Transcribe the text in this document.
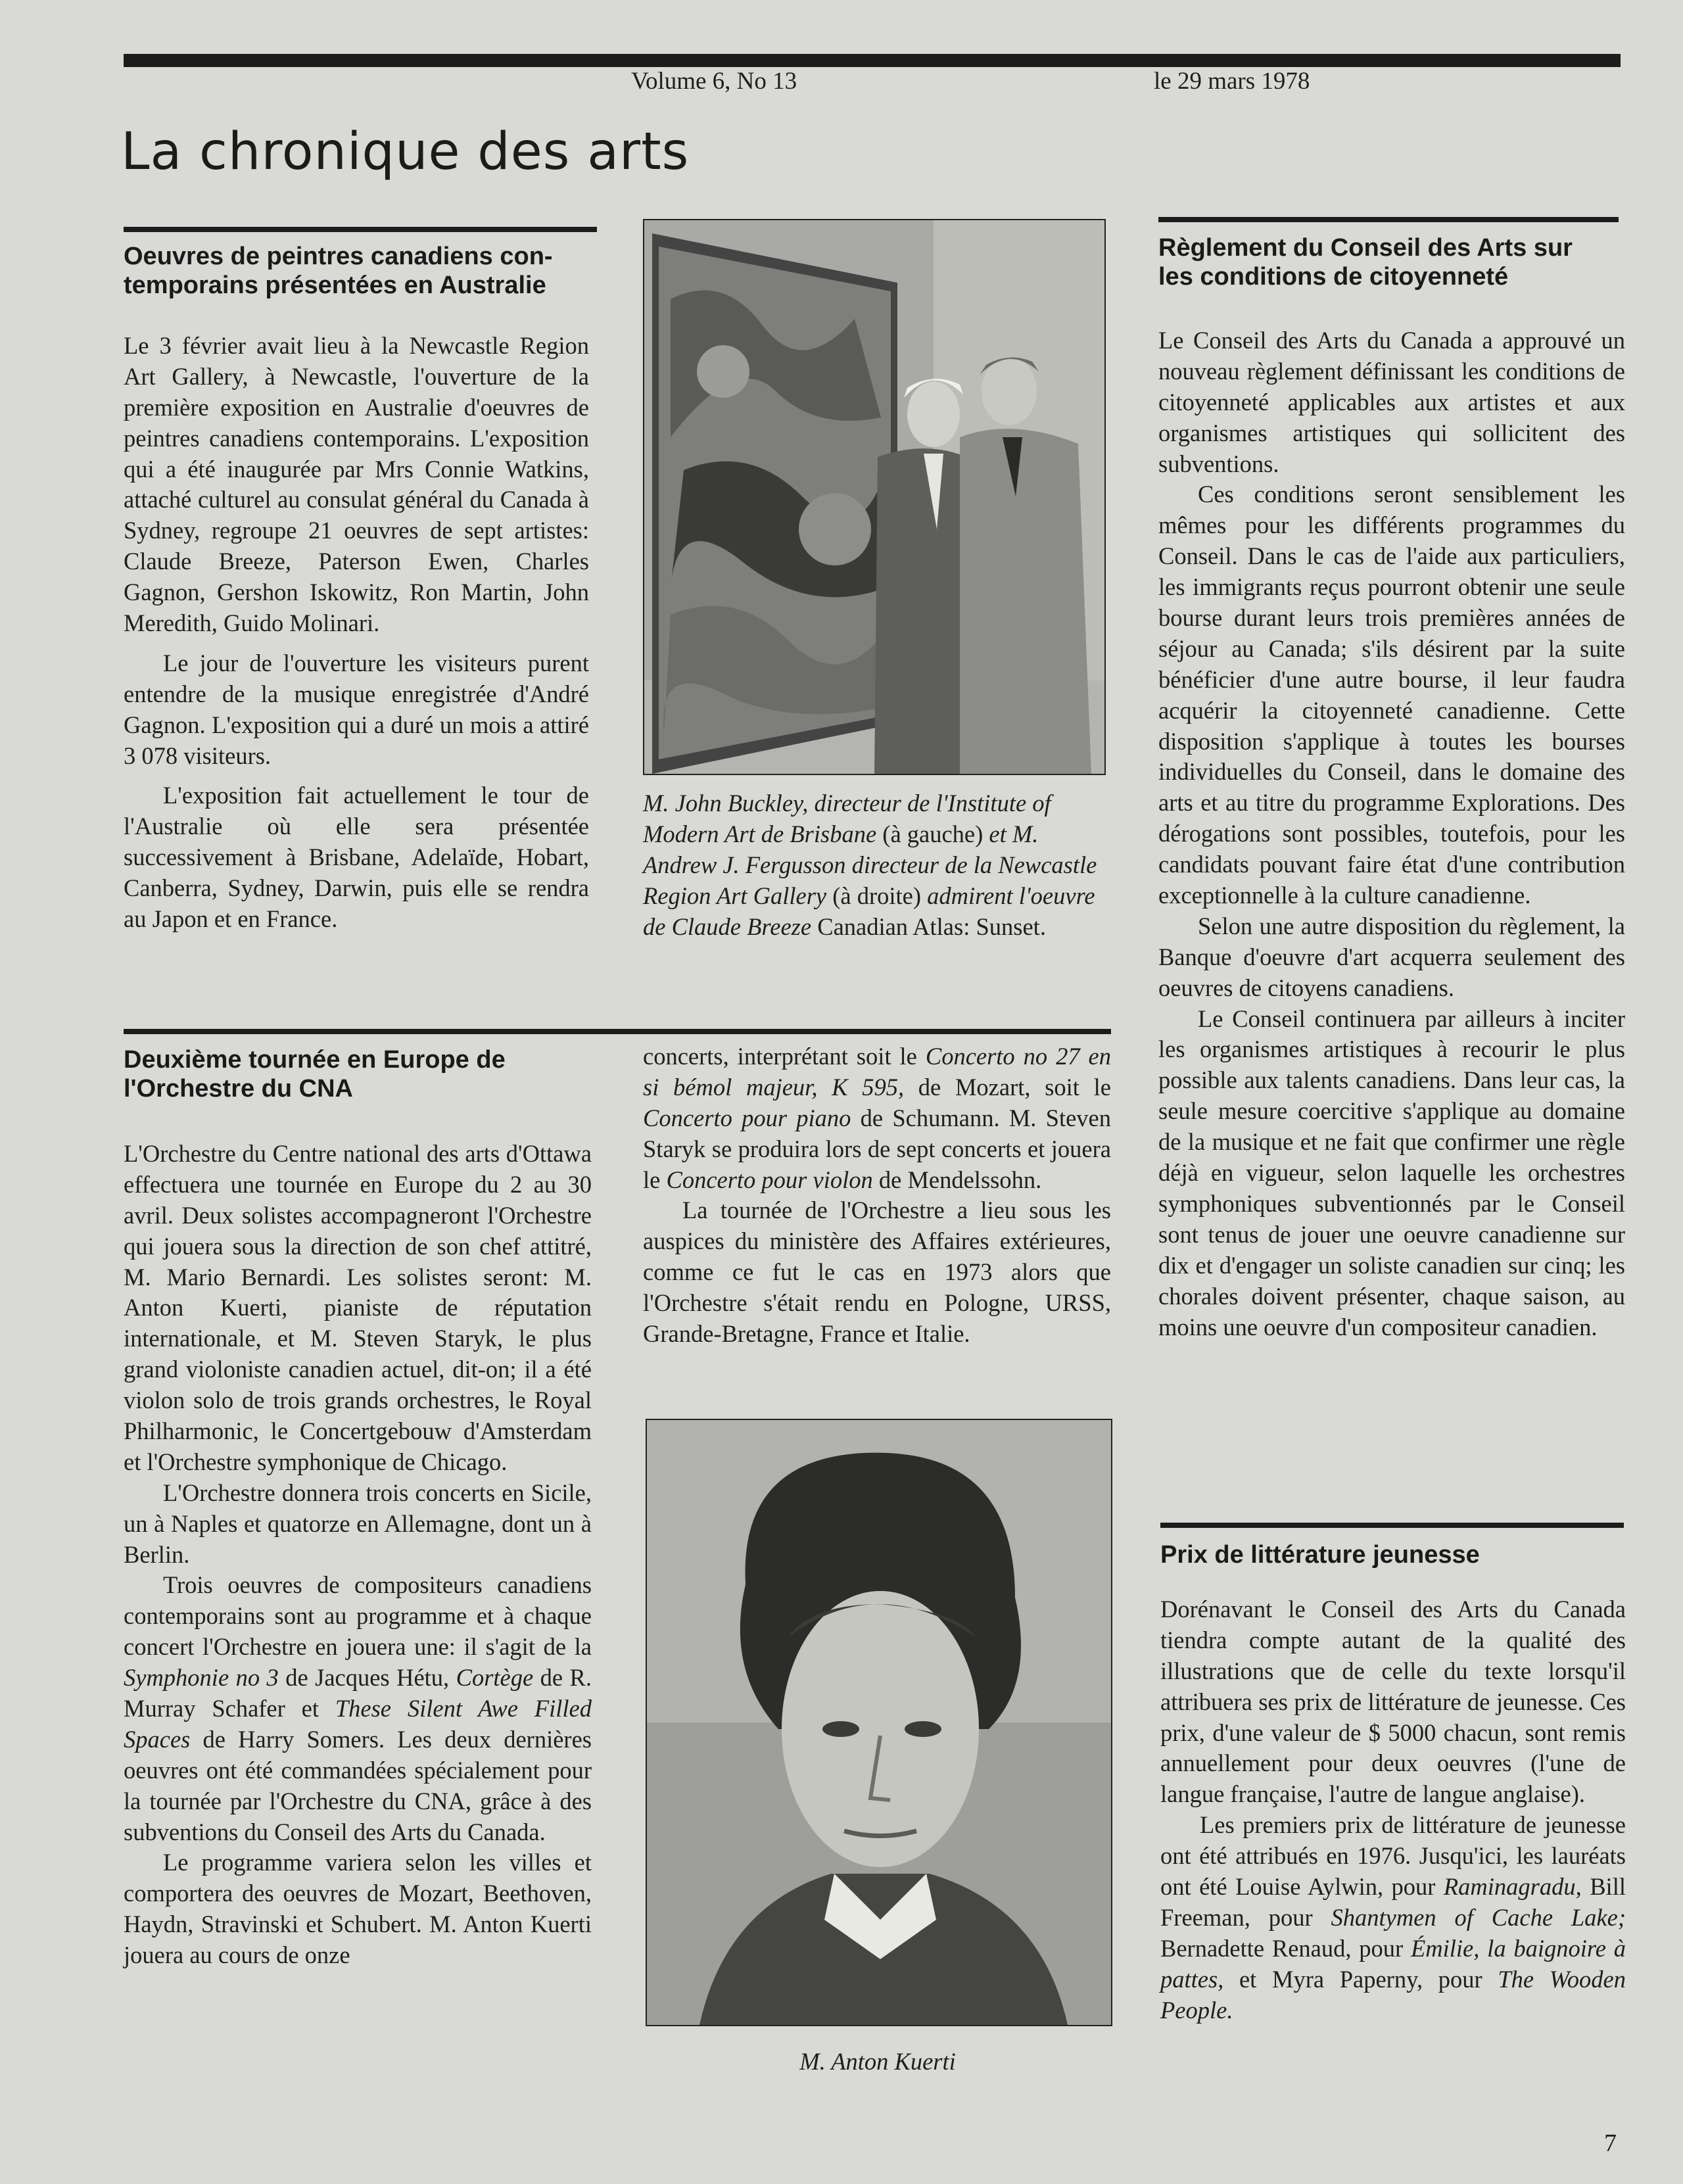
Volume 6, No 13	le 29 mars 1978
La chronique des arts
Oeuvres de peintres canadiens con-
temporains présentées en Australie

Le 3 février avait lieu à la Newcastle Region Art Gallery, à Newcastle, l'ouverture de la première exposition en Australie d'oeuvres de peintres canadiens contemporains. L'exposition qui a été inaugurée par Mrs Connie Watkins, attaché culturel au consulat général du Canada à Sydney, regroupe 21 oeuvres de sept artistes: Claude Breeze, Paterson Ewen, Charles Gagnon, Gershon Iskowitz, Ron Martin, John Meredith, Guido Molinari.

Le jour de l'ouverture les visiteurs purent entendre de la musique enregistrée d'André Gagnon. L'exposition qui a duré un mois a attiré 3 078 visiteurs.

L'exposition fait actuellement le tour de l'Australie où elle sera présentée successivement à Brisbane, Adelaïde, Hobart, Canberra, Sydney, Darwin, puis elle se rendra au Japon et en France.

M. John Buckley, directeur de l'Institute of Modern Art de Brisbane (à gauche) et M. Andrew J. Fergusson directeur de la Newcastle Region Art Gallery (à droite) admirent l'oeuvre de Claude Breeze Canadian Atlas: Sunset.
Règlement du Conseil des Arts sur
les conditions de citoyenneté

Le Conseil des Arts du Canada a approuvé un nouveau règlement définissant les conditions de citoyenneté applicables aux artistes et aux organismes artistiques qui sollicitent des subventions.

Ces conditions seront sensiblement les mêmes pour les différents programmes du Conseil. Dans le cas de l'aide aux particuliers, les immigrants reçus pourront obtenir une seule bourse durant leurs trois premières années de séjour au Canada; s'ils désirent par la suite bénéficier d'une autre bourse, il leur faudra acquérir la citoyenneté canadienne. Cette disposition s'applique à toutes les bourses individuelles du Conseil, dans le domaine des arts et au titre du programme Explorations. Des dérogations sont possibles, toutefois, pour les candidats pouvant faire état d'une contribution exceptionnelle à la culture canadienne.

Selon une autre disposition du règlement, la Banque d'oeuvre d'art acquerra seulement des oeuvres de citoyens canadiens.

Le Conseil continuera par ailleurs à inciter les organismes artistiques à recourir le plus possible aux talents canadiens. Dans leur cas, la seule mesure coercitive s'applique au domaine de la musique et ne fait que confirmer une règle déjà en vigueur, selon laquelle les orchestres symphoniques subventionnés par le Conseil sont tenus de jouer une oeuvre canadienne sur dix et d'engager un soliste canadien sur cinq; les chorales doivent présenter, chaque saison, au moins une oeuvre d'un compositeur canadien.

Deuxième tournée en Europe de
l'Orchestre du CNA

L'Orchestre du Centre national des arts d'Ottawa effectuera une tournée en Europe du 2 au 30 avril. Deux solistes accompagneront l'Orchestre qui jouera sous la direction de son chef attitré, M. Mario Bernardi. Les solistes seront: M. Anton Kuerti, pianiste de réputation internationale, et M. Steven Staryk, le plus grand violoniste canadien actuel, dit-on; il a été violon solo de trois grands orchestres, le Royal Philharmonic, le Concertgebouw d'Amsterdam et l'Orchestre symphonique de Chicago.

L'Orchestre donnera trois concerts en Sicile, un à Naples et quatorze en Allemagne, dont un à Berlin.

Trois oeuvres de compositeurs canadiens contemporains sont au programme et à chaque concert l'Orchestre en jouera une: il s'agit de la Symphonie no 3 de Jacques Hétu, Cortège de R. Murray Schafer et These Silent Awe Filled Spaces de Harry Somers. Les deux dernières oeuvres ont été commandées spécialement pour la tournée par l'Orchestre du CNA, grâce à des subventions du Conseil des Arts du Canada.

Le programme variera selon les villes et comportera des oeuvres de Mozart, Beethoven, Haydn, Stravinski et Schubert. M. Anton Kuerti jouera au cours de onze

concerts, interprétant soit le Concerto no 27 en si bémol majeur, K 595, de Mozart, soit le Concerto pour piano de Schumann. M. Steven Staryk se produira lors de sept concerts et jouera le Concerto pour violon de Mendelssohn.

La tournée de l'Orchestre a lieu sous les auspices du ministère des Affaires extérieures, comme ce fut le cas en 1973 alors que l'Orchestre s'était rendu en Pologne, URSS, Grande-Bretagne, France et Italie.

M. Anton Kuerti
Prix de littérature jeunesse

Dorénavant le Conseil des Arts du Canada tiendra compte autant de la qualité des illustrations que de celle du texte lorsqu'il attribuera ses prix de littérature de jeunesse. Ces prix, d'une valeur de $ 5000 chacun, sont remis annuellement pour deux oeuvres (l'une de langue française, l'autre de langue anglaise).

Les premiers prix de littérature de jeunesse ont été attribués en 1976. Jusqu'ici, les lauréats ont été Louise Aylwin, pour Raminagradu, Bill Freeman, pour Shantymen of Cache Lake; Bernadette Renaud, pour Émilie, la baignoire à pattes, et Myra Paperny, pour The Wooden People.

7
